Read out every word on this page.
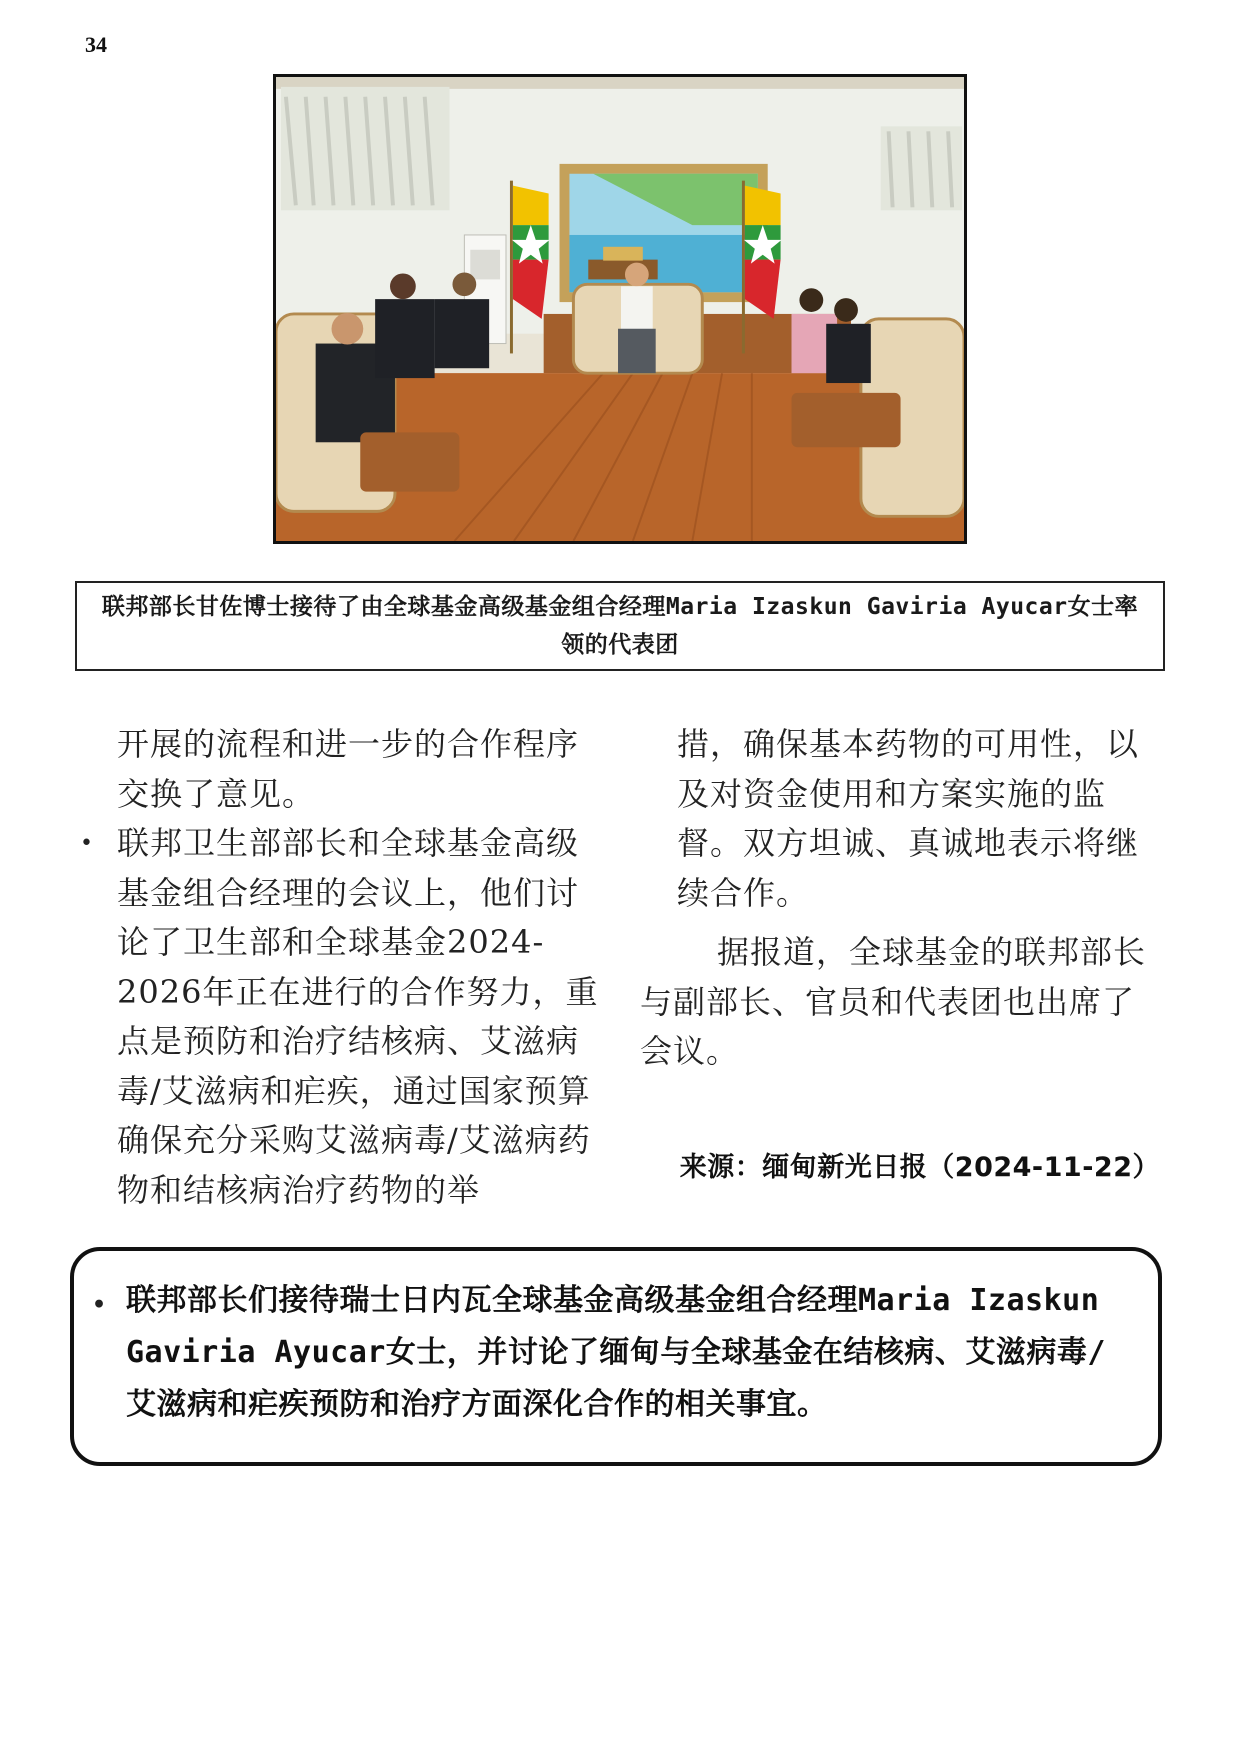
34
联邦部长甘佐博士接待了由全球基金高级基金组合经理Maria Izaskun Gaviria Ayucar女士率领的代表团

开展的流程和进一步的合作程序交换了意见。

• 联邦卫生部部长和全球基金高级基金组合经理的会议上，他们讨论了卫生部和全球基金2024-2026年正在进行的合作努力，重点是预防和治疗结核病、艾滋病毒/艾滋病和疟疾，通过国家预算确保充分采购艾滋病毒/艾滋病药物和结核病治疗药物的举

措，确保基本药物的可用性，以及对资金使用和方案实施的监督。双方坦诚、真诚地表示将继续合作。

据报道，全球基金的联邦部长与副部长、官员和代表团也出席了会议。

来源：缅甸新光日报（2024-11-22）
• 联邦部长们接待瑞士日内瓦全球基金高级基金组合经理Maria Izaskun Gaviria Ayucar女士，并讨论了缅甸与全球基金在结核病、艾滋病毒/艾滋病和疟疾预防和治疗方面深化合作的相关事宜。
